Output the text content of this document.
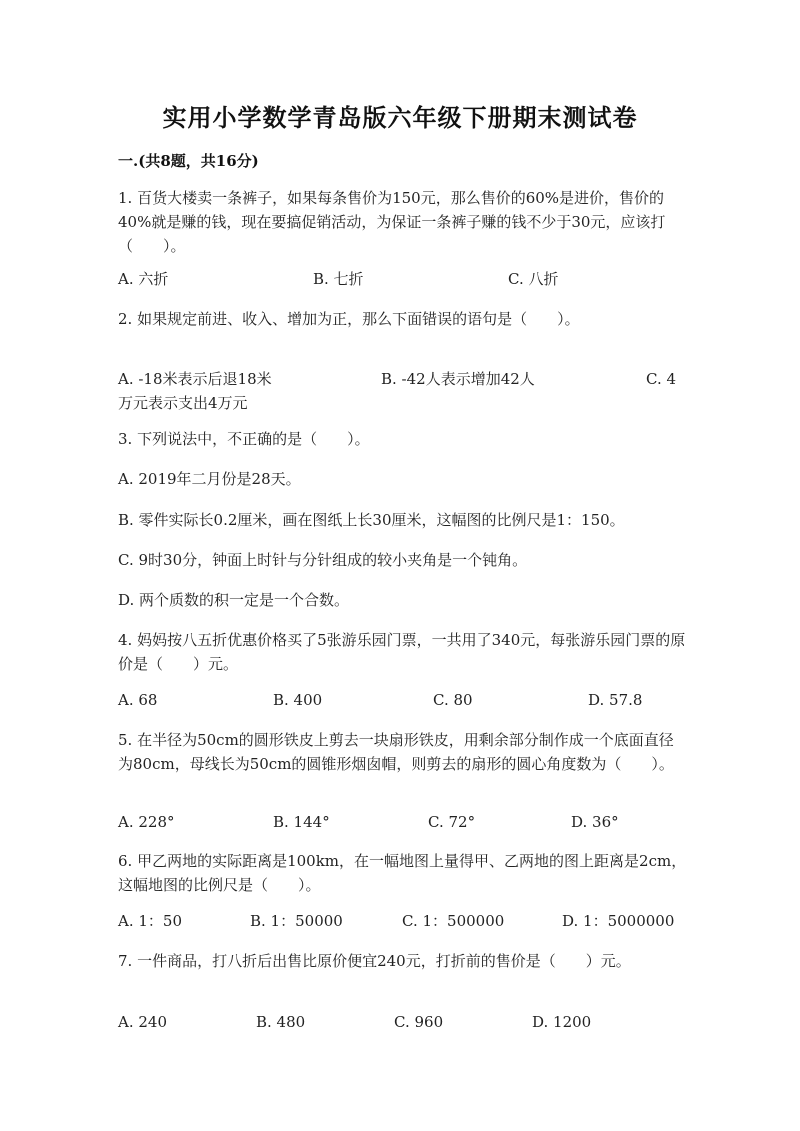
实用小学数学青岛版六年级下册期末测试卷
一.(共8题，共16分)

1. 百货大楼卖一条裤子，如果每条售价为150元，那么售价的60%是进价，售价的40%就是赚的钱，现在要搞促销活动，为保证一条裤子赚的钱不少于30元，应该打（　　）。

A. 六折	B. 七折	C. 八折

2. 如果规定前进、收入、增加为正，那么下面错误的语句是（　　）。

A. -18米表示后退18米	B. -42人表示增加42人	C. 4万元表示支出4万元

3. 下列说法中，不正确的是（　　）。

A. 2019年二月份是28天。
B. 零件实际长0.2厘米，画在图纸上长30厘米，这幅图的比例尺是1：150。
C. 9时30分，钟面上时针与分针组成的较小夹角是一个钝角。
D. 两个质数的积一定是一个合数。

4. 妈妈按八五折优惠价格买了5张游乐园门票，一共用了340元，每张游乐园门票的原价是（　　）元。

A. 68	B. 400	C. 80	D. 57.8

5. 在半径为50cm的圆形铁皮上剪去一块扇形铁皮，用剩余部分制作成一个底面直径为80cm，母线长为50cm的圆锥形烟囱帽，则剪去的扇形的圆心角度数为（　　）。

A. 228°	B. 144°	C. 72°	D. 36°

6. 甲乙两地的实际距离是100km，在一幅地图上量得甲、乙两地的图上距离是2cm，这幅地图的比例尺是（　　）。

A. 1：50	B. 1：50000	C. 1：500000	D. 1：5000000

7. 一件商品，打八折后出售比原价便宜240元，打折前的售价是（　　）元。

A. 240	B. 480	C. 960	D. 1200
